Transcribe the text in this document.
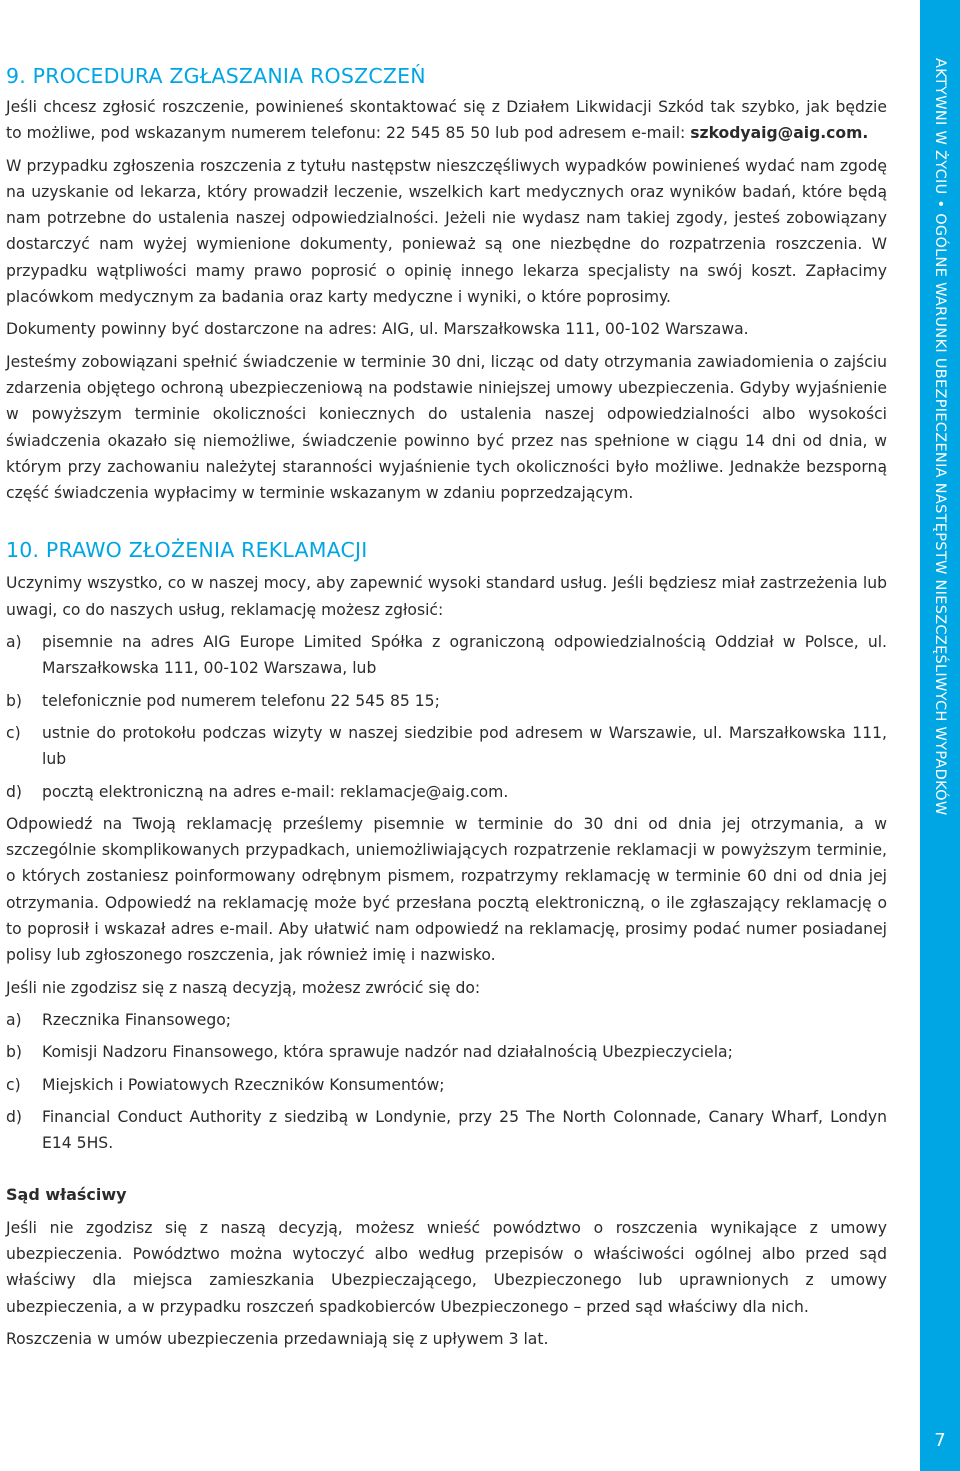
9. PROCEDURA ZGŁASZANIA ROSZCZEŃ

Jeśli chcesz zgłosić roszczenie, powinieneś skontaktować się z Działem Likwidacji Szkód tak szybko, jak będzie to możliwe, pod wskazanym numerem telefonu: 22 545 85 50 lub pod adresem e-mail: szkodyaig@aig.com.

W przypadku zgłoszenia roszczenia z tytułu następstw nieszczęśliwych wypadków powinieneś wydać nam zgodę na uzyskanie od lekarza, który prowadził leczenie, wszelkich kart medycznych oraz wyników badań, które będą nam potrzebne do ustalenia naszej odpowiedzialności. Jeżeli nie wydasz nam takiej zgody, jesteś zobowiązany dostarczyć nam wyżej wymienione dokumenty, ponieważ są one niezbędne do rozpatrzenia roszczenia. W przypadku wątpliwości mamy prawo poprosić o opinię innego lekarza specjalisty na swój koszt. Zapłacimy placówkom medycznym za badania oraz karty medyczne i wyniki, o które poprosimy.

Dokumenty powinny być dostarczone na adres: AIG, ul. Marszałkowska 111, 00-102 Warszawa.

Jesteśmy zobowiązani spełnić świadczenie w terminie 30 dni, licząc od daty otrzymania zawiadomienia o zajściu zdarzenia objętego ochroną ubezpieczeniową na podstawie niniejszej umowy ubezpieczenia. Gdyby wyjaśnienie w powyższym terminie okoliczności koniecznych do ustalenia naszej odpowiedzialności albo wysokości świadczenia okazało się niemożliwe, świadczenie powinno być przez nas spełnione w ciągu 14 dni od dnia, w którym przy zachowaniu należytej staranności wyjaśnienie tych okoliczności było możliwe. Jednakże bezsporną część świadczenia wypłacimy w terminie wskazanym w zdaniu poprzedzającym.

10. PRAWO ZŁOŻENIA REKLAMACJI

Uczynimy wszystko, co w naszej mocy, aby zapewnić wysoki standard usług. Jeśli będziesz miał zastrzeżenia lub uwagi, co do naszych usług, reklamację możesz zgłosić:

a)	pisemnie na adres AIG Europe Limited Spółka z ograniczoną odpowiedzialnością Oddział w Polsce, ul. Marszałkowska 111, 00-102 Warszawa, lub
b)	telefonicznie pod numerem telefonu 22 545 85 15;
c)	ustnie do protokołu podczas wizyty w naszej siedzibie pod adresem w Warszawie, ul. Marszałkowska 111, lub
d)	pocztą elektroniczną na adres e-mail: reklamacje@aig.com.

Odpowiedź na Twoją reklamację prześlemy pisemnie w terminie do 30 dni od dnia jej otrzymania, a w szczególnie skomplikowanych przypadkach, uniemożliwiających rozpatrzenie reklamacji w powyższym terminie, o których zostaniesz poinformowany odrębnym pismem, rozpatrzymy reklamację w terminie 60 dni od dnia jej otrzymania. Odpowiedź na reklamację może być przesłana pocztą elektroniczną, o ile zgłaszający reklamację o to poprosił i wskazał adres e-mail. Aby ułatwić nam odpowiedź na reklamację, prosimy podać numer posiadanej polisy lub zgłoszonego roszczenia, jak również imię i nazwisko.

Jeśli nie zgodzisz się z naszą decyzją, możesz zwrócić się do:

a)	Rzecznika Finansowego;
b)	Komisji Nadzoru Finansowego, która sprawuje nadzór nad działalnością Ubezpieczyciela;
c)	Miejskich i Powiatowych Rzeczników Konsumentów;
d)	Financial Conduct Authority z siedzibą w Londynie, przy 25 The North Colonnade, Canary Wharf, Londyn E14 5HS.
Sąd właściwy

Jeśli nie zgodzisz się z naszą decyzją, możesz wnieść powództwo o roszczenia wynikające z umowy ubezpieczenia. Powództwo można wytoczyć albo według przepisów o właściwości ogólnej albo przed sąd właściwy dla miejsca zamieszkania Ubezpieczającego, Ubezpieczonego lub uprawnionych z umowy ubezpieczenia, a w przypadku roszczeń spadkobierców Ubezpieczonego – przed sąd właściwy dla nich.

Roszczenia w umów ubezpieczenia przedawniają się z upływem 3 lat.

AKTYWNI W ŻYCIU • OGÓLNE WARUNKI UBEZPIECZENIA NASTĘPSTW NIESZCZĘŚLIWYCH WYPADKÓW
7
